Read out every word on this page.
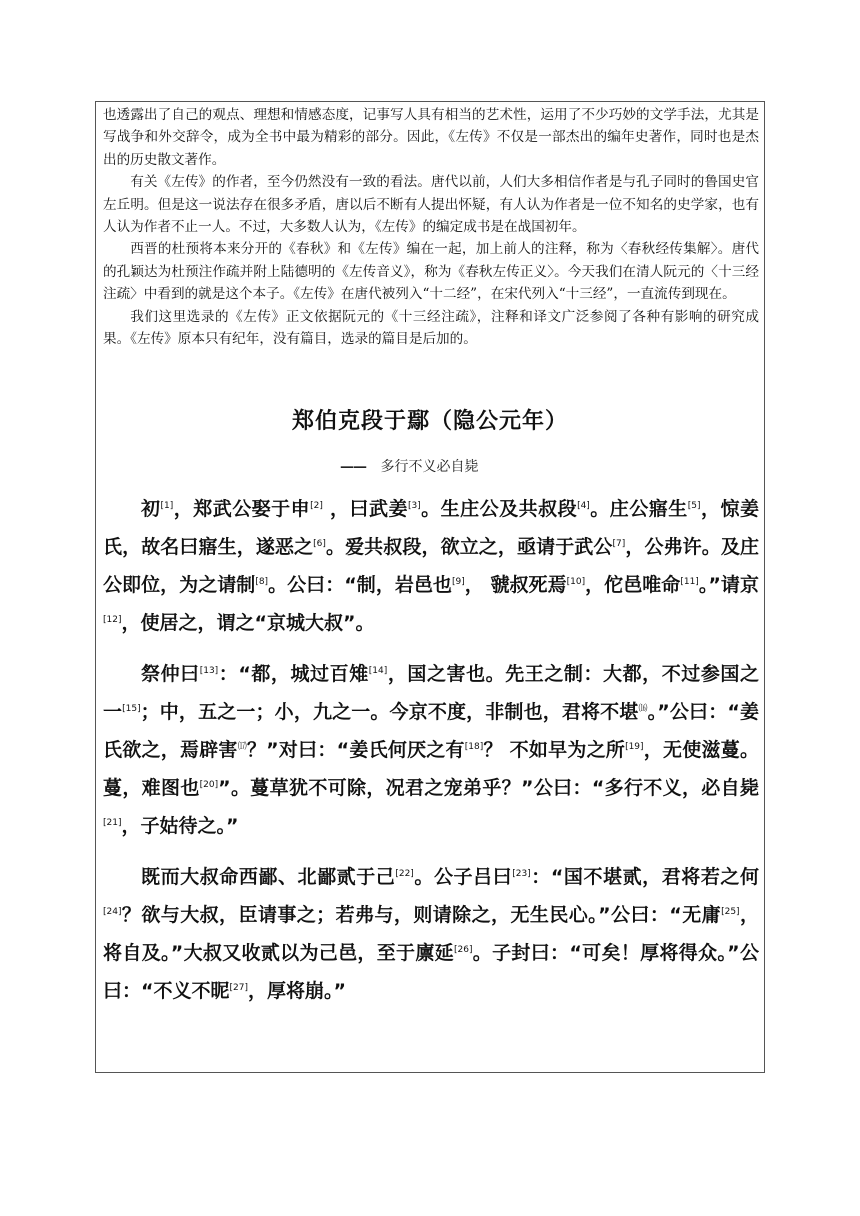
也透露出了自己的观点、理想和情感态度，记事写人具有相当的艺术性，运用了不少巧妙的文学手法，尤其是写战争和外交辞令，成为全书中最为精彩的部分。因此，《左传》不仅是一部杰出的编年史著作，同时也是杰出的历史散文著作。

有关《左传》的作者，至今仍然没有一致的看法。唐代以前，人们大多相信作者是与孔子同时的鲁国史官左丘明。但是这一说法存在很多矛盾，唐以后不断有人提出怀疑，有人认为作者是一位不知名的史学家，也有人认为作者不止一人。不过，大多数人认为，《左传》的编定成书是在战国初年。

西晋的杜预将本来分开的《春秋》和《左传》编在一起，加上前人的注释，称为〈春秋经传集解〉。唐代的孔颖达为杜预注作疏并附上陆德明的《左传音义》，称为《春秋左传正义〉。今天我们在清人阮元的〈十三经注疏〉中看到的就是这个本子。《左传》在唐代被列入“十二经”，在宋代列入“十三经”，一直流传到现在。

我们这里选录的《左传》正文依据阮元的《十三经注疏》，注释和译文广泛参阅了各种有影响的研究成果。《左传》原本只有纪年，没有篇目，选录的篇目是后加的。

郑伯克段于鄢（隐公元年）
—— 多行不义必自毙

初[1]，郑武公娶于申[2] ，曰武姜[3]。生庄公及共叔段[4]。庄公寤生[5]，惊姜氏，故名曰寤生，遂恶之[6]。爱共叔段，欲立之，亟请于武公[7]，公弗许。及庄公即位，为之请制[8]。公曰：“制，岩邑也[9]， 虢叔死焉[10]，佗邑唯命[11]。”请京[12]，使居之，谓之“京城大叔”。

祭仲曰[13]：“都，城过百雉[14]，国之害也。先王之制：大都，不过参国之一[15]；中，五之一；小，九之一。今京不度，非制也，君将不堪⒃。”公曰：“姜氏欲之，焉辟害⒄？”对曰：“姜氏何厌之有[18]？ 不如早为之所[19]，无使滋蔓。蔓，难图也[20]”。蔓草犹不可除，况君之宠弟乎？”公曰：“多行不义，必自毙[21]，子姑待之。”

既而大叔命西鄙、北鄙贰于己[22]。公子吕曰[23]：“国不堪贰，君将若之何[24]？欲与大叔，臣请事之；若弗与，则请除之，无生民心。”公曰：“无庸[25]，将自及。”大叔又收贰以为己邑，至于廪延[26]。子封曰：“可矣！厚将得众。”公曰：“不义不昵[27]，厚将崩。”
